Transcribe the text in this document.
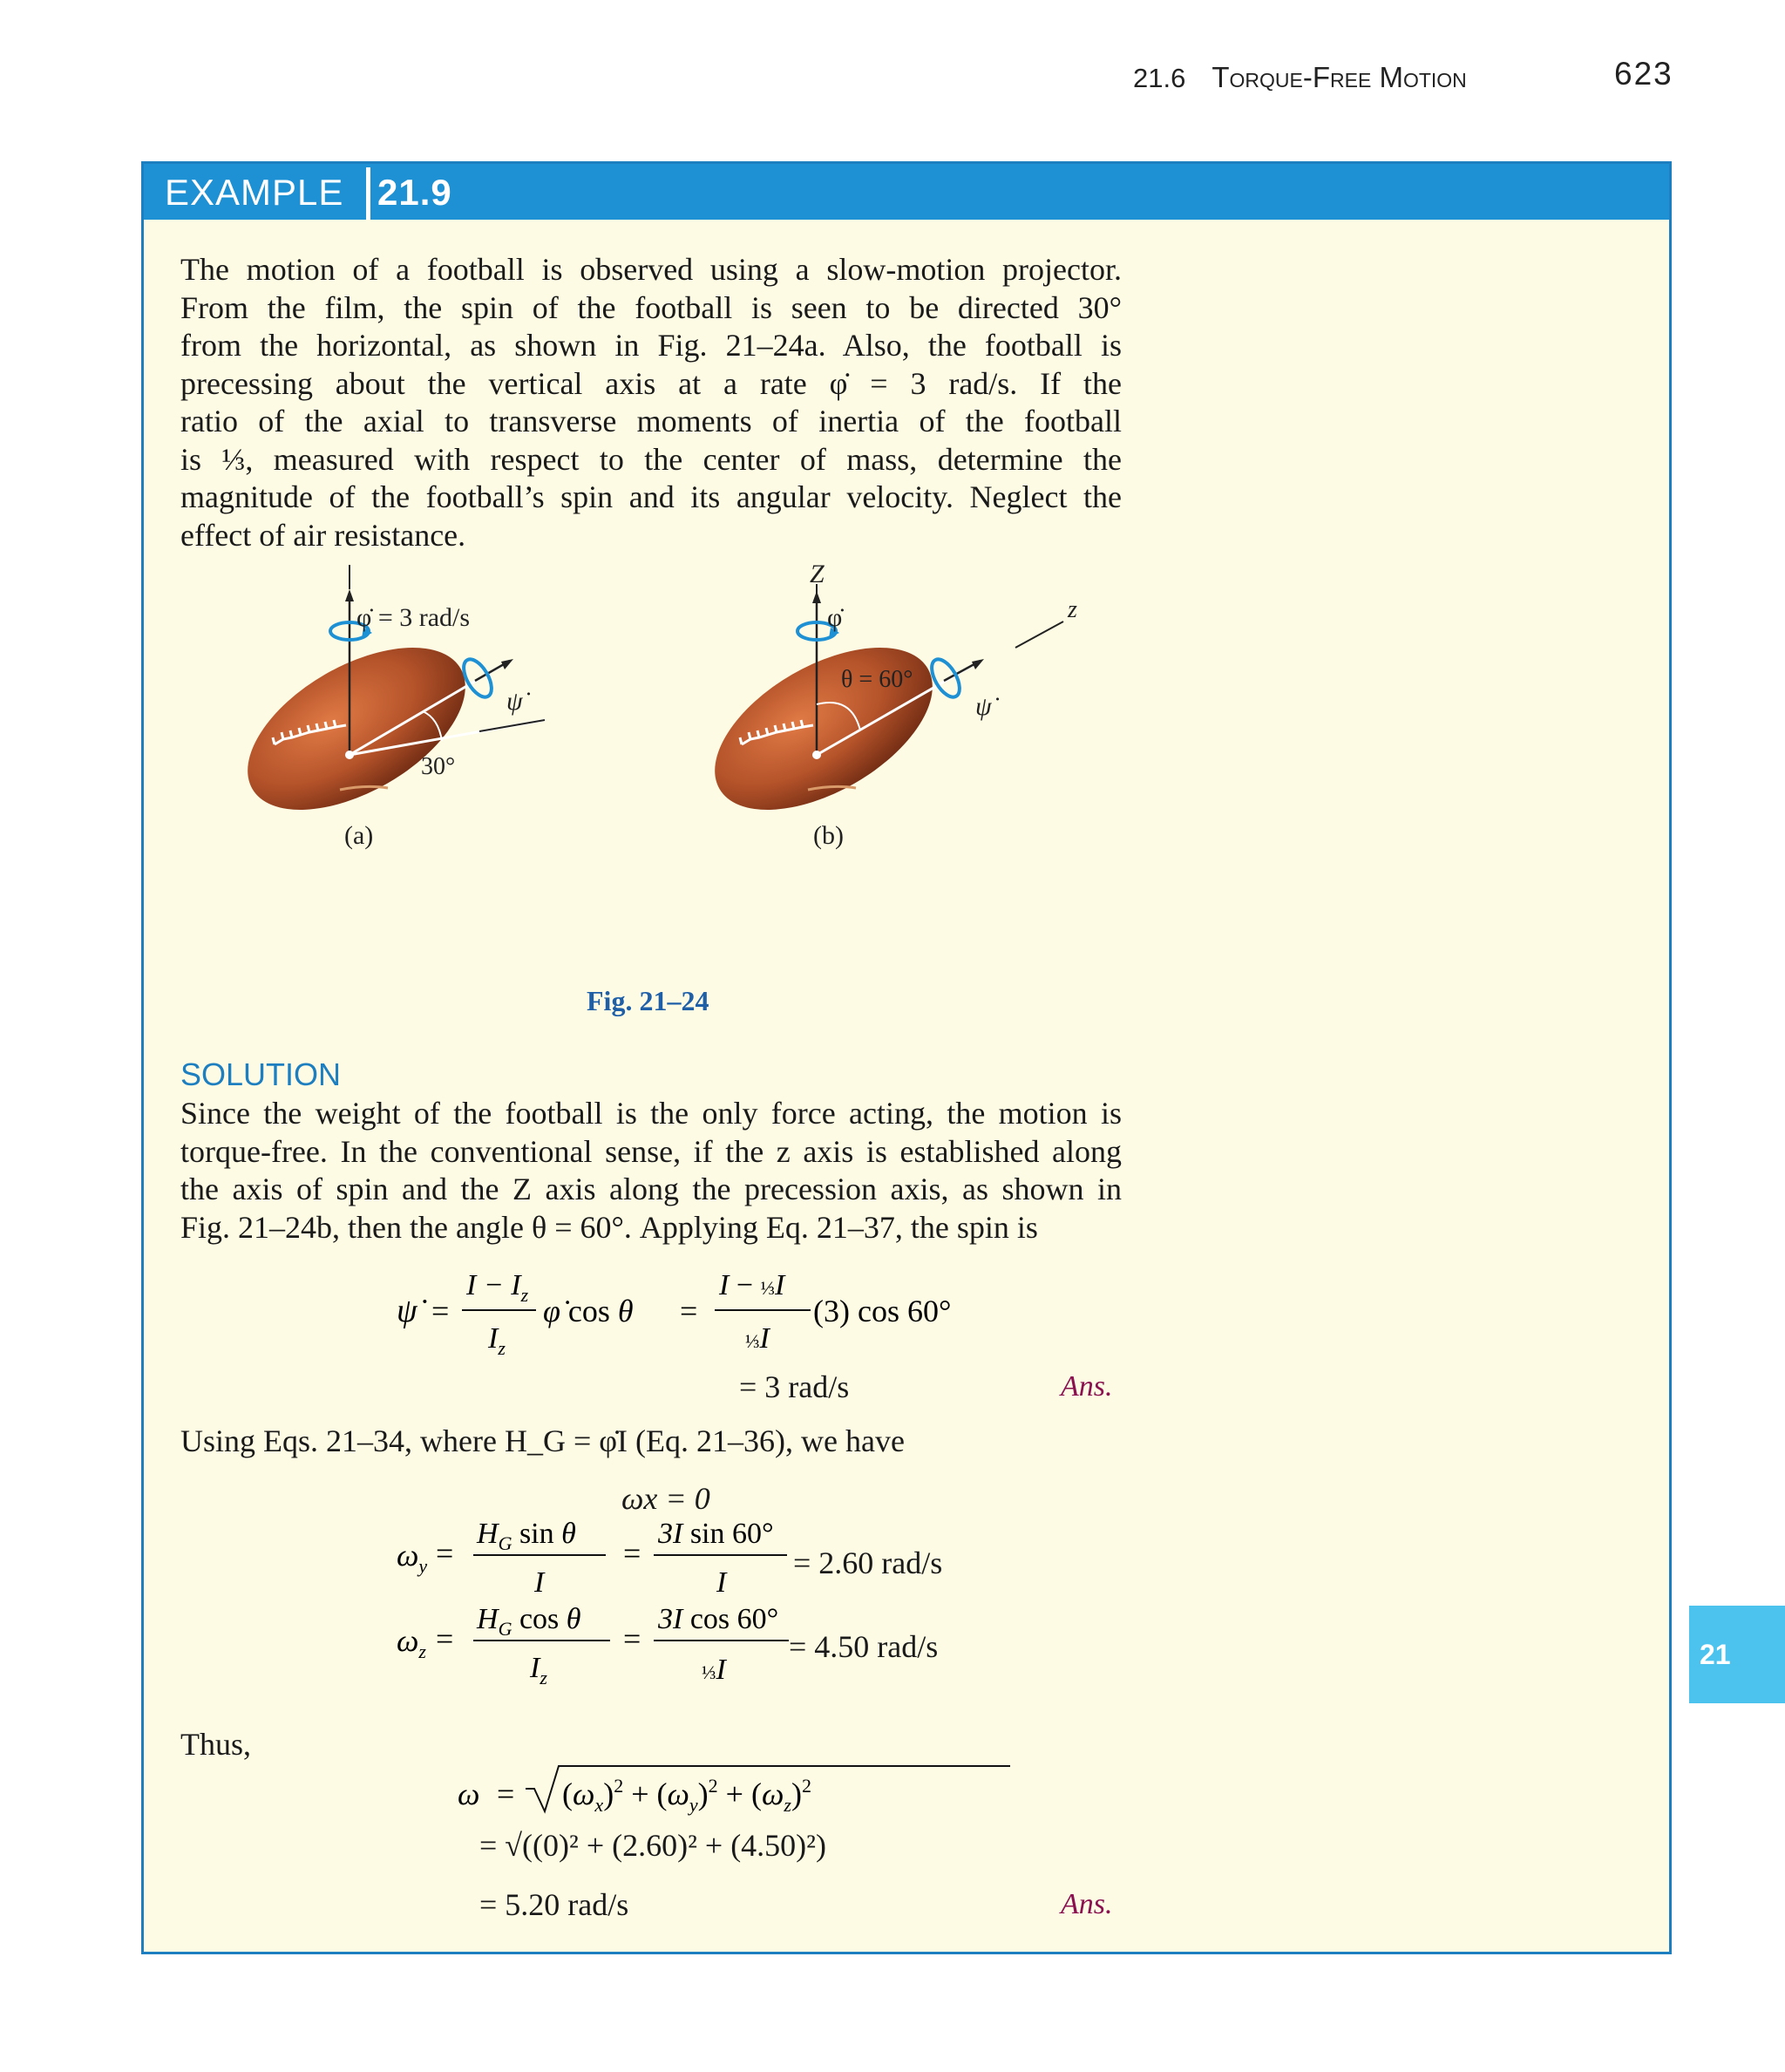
21.6 Torque-Free Motion	623
21
EXAMPLE 21.9
The motion of a football is observed using a slow-motion projector.
From the film, the spin of the football is seen to be directed 30°
from the horizontal, as shown in Fig. 21–24a. Also, the football is
precessing about the vertical axis at a rate φ̇ = 3 rad/s. If the
ratio of the axial to transverse moments of inertia of the football
is ⅓, measured with respect to the center of mass, determine the
magnitude of the football’s spin and its angular velocity. Neglect the
effect of air resistance.
φ̇ = 3 rad/s
ψ̇
30°
(a)
Z
φ̇	z
θ = 60°
ψ̇
(b)
Fig. 21–24
SOLUTION
Since the weight of the football is the only force acting, the motion is
torque-free. In the conventional sense, if the z axis is established along
the axis of spin and the Z axis along the precession axis, as shown in
Fig. 21–24b, then the angle θ = 60°. Applying Eq. 21–37, the spin is
ψ̇ =
$I - I_z$
$I_z$
φ̇ cos θ =
I − ⅓I
⅓I
(3) cos 60°
= 3 rad/s	Ans.
Using Eqs. 21–34, where H_G = φ̇I (Eq. 21–36), we have
ωx = 0
$\omega_y$ =
$H_G$ sin θ
I
=
3I sin 60°
I
= 2.60 rad/s
$\omega_z$ =
$H_G$ cos θ
$I_z$
=
3I cos 60°
⅓I
= 4.50 rad/s
Thus,
$\omega = (\omega_x)^2 + (\omega_y)^2 + (\omega_z)^2$
= √((0)² + (2.60)² + (4.50)²)
= 5.20 rad/s	Ans.
